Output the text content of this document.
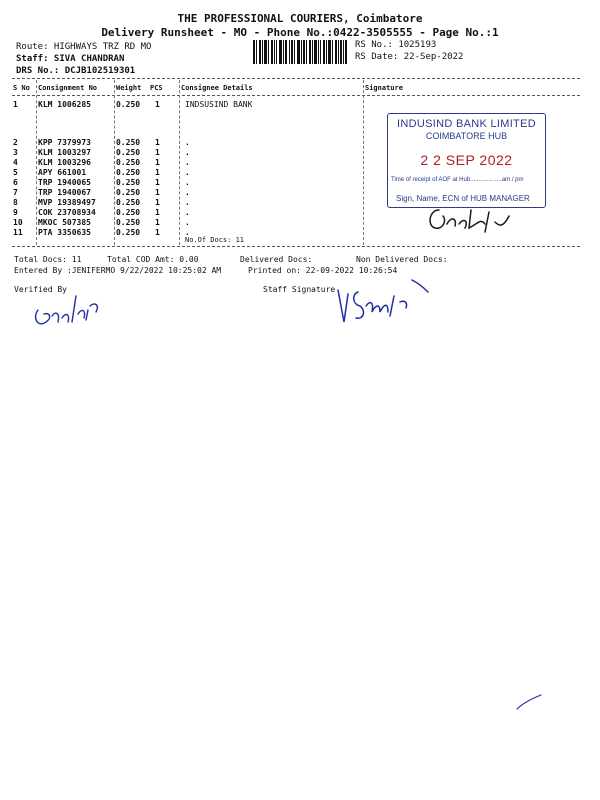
THE PROFESSIONAL COURIERS, Coimbatore
Delivery Runsheet - MO - Phone No.:0422-3505555 - Page No.:1
Route: HIGHWAYS TRZ RD MO
Staff: SIVA CHANDRAN
DRS No.: DCJB102519301
RS No.: 1025193
RS Date: 22-Sep-2022
S No Consignment No	Weight PCS	Consignee Details	Signature
1	KLM 1006285	0.250 1	INDSUSIND BANK
2	KPP 7379973	0.250 1	.
3	KLM 1003297	0.250 1	.
4	KLM 1003296	0.250 1	.
5	APY 661001	0.250 1	.
6	TRP 1940065	0.250 1	.
7	TRP 1940067	0.250 1	.
8	MVP 19389497	0.250 1	.
9	COK 23708934	0.250 1	.
10 MKOC 507385	0.250 1	.
11 PTA 3350635	0.250 1	.
No.Of Docs: 11
INDUSIND BANK LIMITED
COIMBATORE HUB
2 2 SEP 2022
Time of receipt of AOF at Hub...................am / pm
Sign, Name, ECN of HUB MANAGER
Total Docs: 11	Total COD Amt: 0.00	Delivered Docs:	Non Delivered Docs:
Entered By :JENIFERMO 9/22/2022 10:25:02 AM	Printed on: 22-09-2022 10:26:54
Verified By	Staff Signature
